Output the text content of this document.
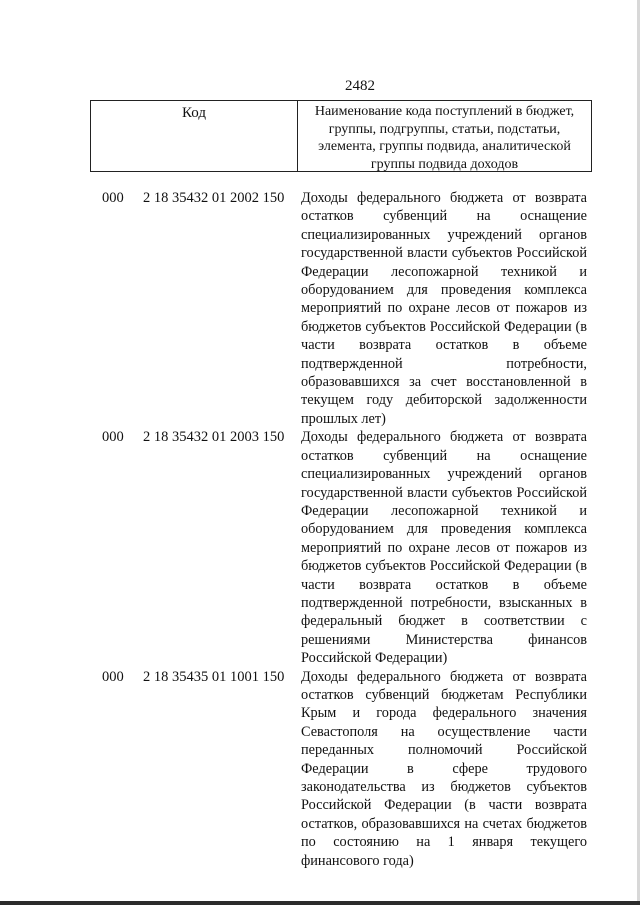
2482
Код	Наименование кода поступлений в бюджет, группы, подгруппы, статьи, подстатьи, элемента, группы подвида, аналитической группы подвида доходов
000 2 18 35432 01 2002 150 Доходы федерального бюджета от возврата остатков субвенций на оснащение специализированных учреждений органов государственной власти субъектов Российской Федерации лесопожарной техникой и оборудованием для проведения комплекса мероприятий по охране лесов от пожаров из бюджетов субъектов Российской Федерации (в части возврата остатков в объеме подтвержденной потребности, образовавшихся за счет восстановленной в текущем году дебиторской задолженности прошлых лет)
000 2 18 35432 01 2003 150 Доходы федерального бюджета от возврата остатков субвенций на оснащение специализированных учреждений органов государственной власти субъектов Российской Федерации лесопожарной техникой и оборудованием для проведения комплекса мероприятий по охране лесов от пожаров из бюджетов субъектов Российской Федерации (в части возврата остатков в объеме подтвержденной потребности, взысканных в федеральный бюджет в соответствии с решениями Министерства финансов Российской Федерации)
000 2 18 35435 01 1001 150 Доходы федерального бюджета от возврата остатков субвенций бюджетам Республики Крым и города федерального значения Севастополя на осуществление части переданных полномочий Российской Федерации в сфере трудового законодательства из бюджетов субъектов Российской Федерации (в части возврата остатков, образовавшихся на счетах бюджетов по состоянию на 1 января текущего финансового года)
